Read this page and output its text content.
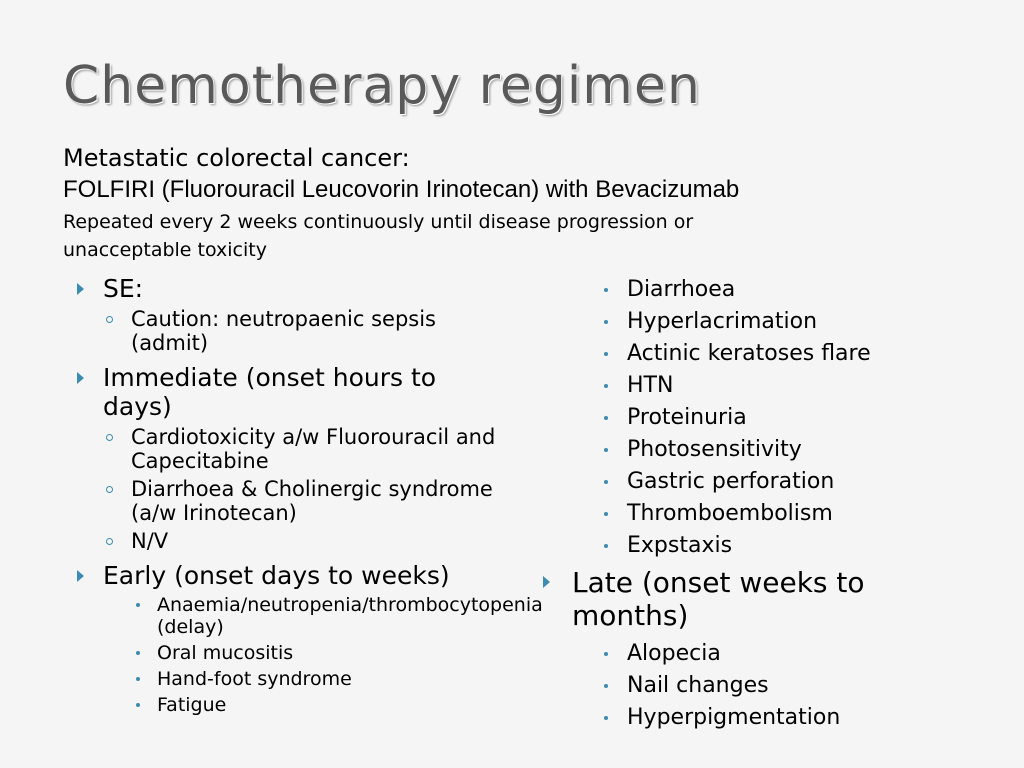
Chemotherapy regimen
Metastatic colorectal cancer:
FOLFIRI (Fluorouracil Leucovorin Irinotecan) with Bevacizumab
Repeated every 2 weeks continuously until disease progression or unacceptable toxicity
SE:
Caution: neutropaenic sepsis (admit)
Immediate (onset hours to days)
Cardiotoxicity a/w Fluorouracil and Capecitabine
Diarrhoea & Cholinergic syndrome (a/w Irinotecan)
N/V
Early (onset days to weeks)
Anaemia/neutropenia/thrombocytopenia (delay)
Oral mucositis
Hand-foot syndrome
Fatigue
Diarrhoea
Hyperlacrimation
Actinic keratoses flare
HTN
Proteinuria
Photosensitivity
Gastric perforation
Thromboembolism
Expstaxis
Late (onset weeks to months)
Alopecia
Nail changes
Hyperpigmentation
